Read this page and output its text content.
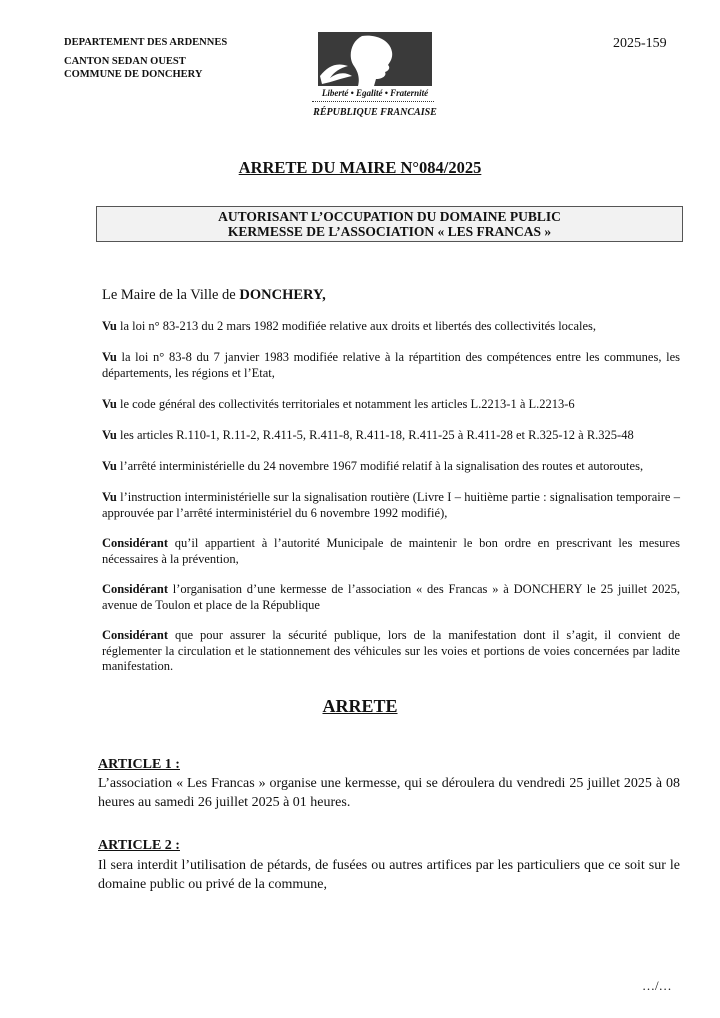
DEPARTEMENT DES ARDENNES
CANTON SEDAN OUEST
COMMUNE DE DONCHERY
2025-159
Liberté • Egalité • Fraternité
RÉPUBLIQUE FRANCAISE
ARRETE DU MAIRE N°084/2025
AUTORISANT L’OCCUPATION DU DOMAINE PUBLIC
KERMESSE DE L’ASSOCIATION « LES FRANCAS »
Le Maire de la Ville de DONCHERY,
Vu la loi n° 83-213 du 2 mars 1982 modifiée relative aux droits et libertés des collectivités locales,
Vu la loi n° 83-8 du 7 janvier 1983 modifiée relative à la répartition des compétences entre les communes, les départements, les régions et l’Etat,
Vu le code général des collectivités territoriales et notamment les articles L.2213-1 à L.2213-6
Vu les articles R.110-1, R.11-2, R.411-5, R.411-8, R.411-18, R.411-25 à R.411-28 et R.325-12 à R.325-48
Vu l’arrêté interministérielle du 24 novembre 1967 modifié relatif à la signalisation des routes et autoroutes,
Vu l’instruction interministérielle sur la signalisation routière (Livre I – huitième partie : signalisation temporaire – approuvée par l’arrêté interministériel du 6 novembre 1992 modifié),
Considérant qu’il appartient à l’autorité Municipale de maintenir le bon ordre en prescrivant les mesures nécessaires à la prévention,
Considérant l’organisation d’une kermesse de l’association « des Francas » à DONCHERY le 25 juillet 2025, avenue de Toulon et place de la République
Considérant que pour assurer la sécurité publique, lors de la manifestation dont il s’agit, il convient de réglementer la circulation et le stationnement des véhicules sur les voies et portions de voies concernées par ladite manifestation.
ARRETE
ARTICLE 1 :
L’association « Les Francas » organise une kermesse, qui se déroulera du vendredi 25 juillet 2025 à 08 heures au samedi 26 juillet 2025 à 01 heures.
ARTICLE 2 :
Il sera interdit l’utilisation de pétards, de fusées ou autres artifices par les particuliers que ce soit sur le domaine public ou privé de la commune,
…/…
